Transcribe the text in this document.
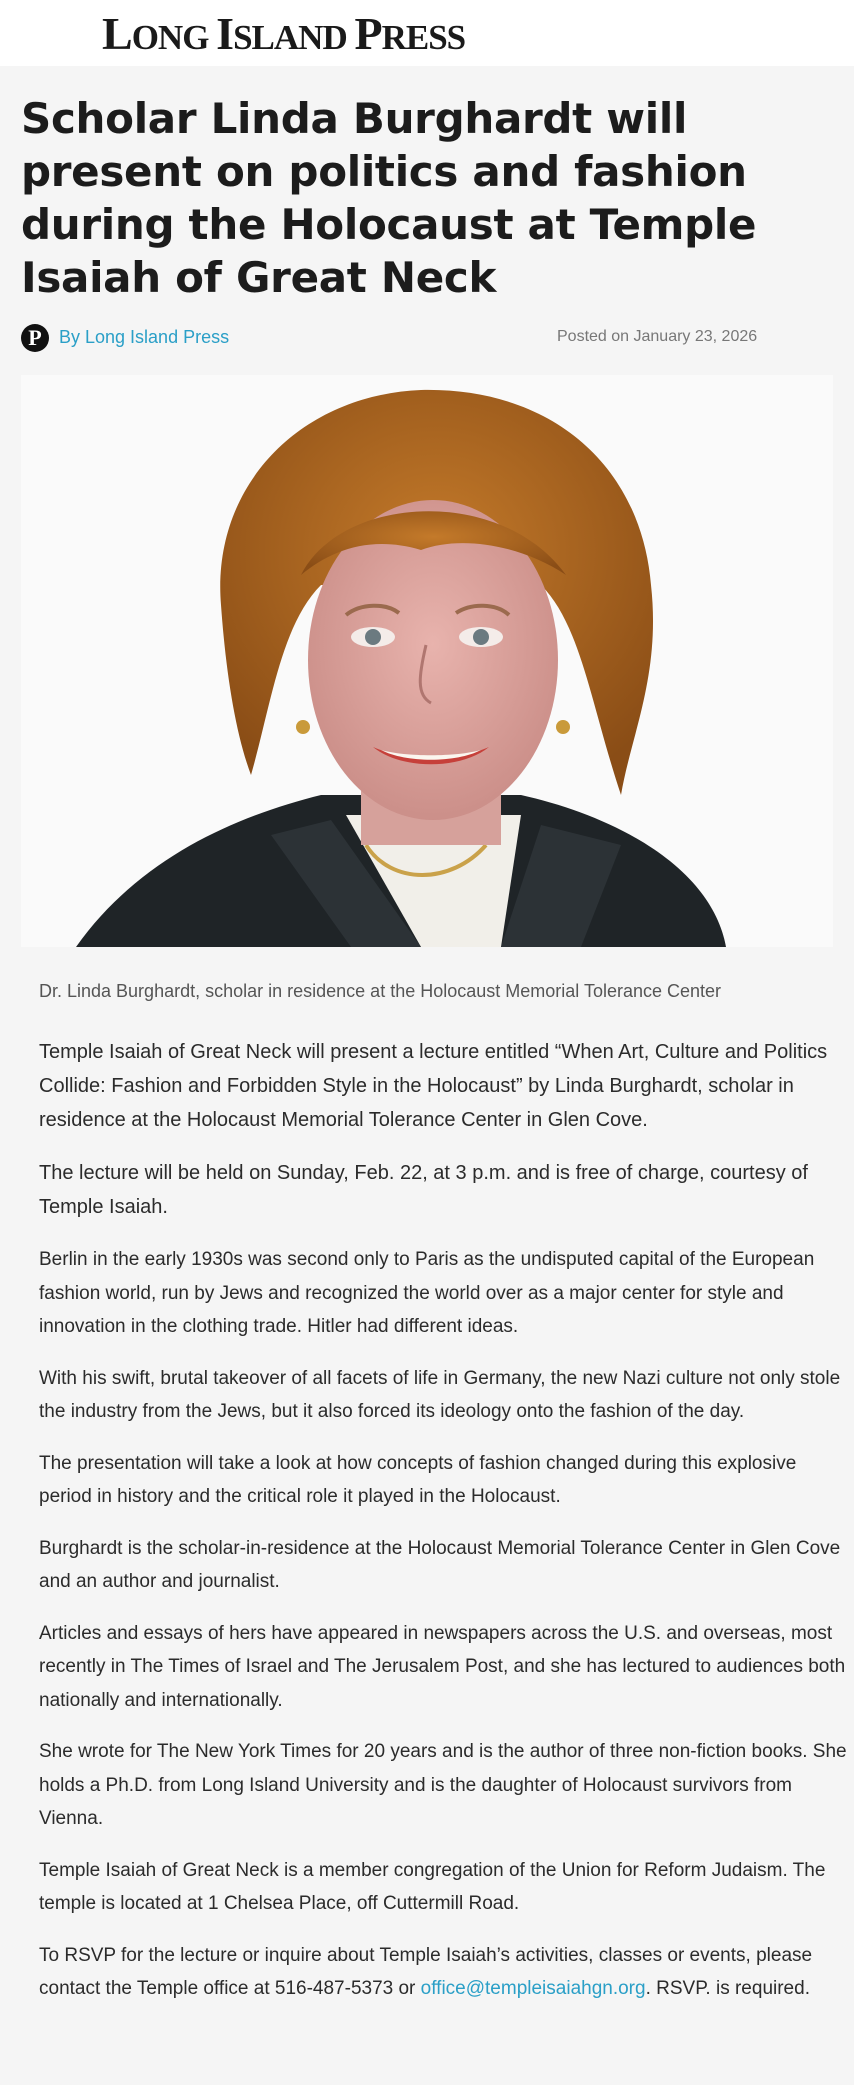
LONG ISLAND PRESS
Scholar Linda Burghardt will present on politics and fashion during the Holocaust at Temple Isaiah of Great Neck
P By Long Island Press	Posted on January 23, 2026
Dr. Linda Burghardt, scholar in residence at the Holocaust Memorial Tolerance Center

Temple Isaiah of Great Neck will present a lecture entitled “When Art, Culture and Politics Collide: Fashion and Forbidden Style in the Holocaust” by Linda Burghardt, scholar in residence at the Holocaust Memorial Tolerance Center in Glen Cove.

The lecture will be held on Sunday, Feb. 22, at 3 p.m. and is free of charge, courtesy of Temple Isaiah.

Berlin in the early 1930s was second only to Paris as the undisputed capital of the European fashion world, run by Jews and recognized the world over as a major center for style and innovation in the clothing trade. Hitler had different ideas.

With his swift, brutal takeover of all facets of life in Germany, the new Nazi culture not only stole the industry from the Jews, but it also forced its ideology onto the fashion of the day.

The presentation will take a look at how concepts of fashion changed during this explosive period in history and the critical role it played in the Holocaust.

Burghardt is the scholar-in-residence at the Holocaust Memorial Tolerance Center in Glen Cove and an author and journalist.

Articles and essays of hers have appeared in newspapers across the U.S. and overseas, most recently in The Times of Israel and The Jerusalem Post, and she has lectured to audiences both nationally and internationally.

She wrote for The New York Times for 20 years and is the author of three non-fiction books. She holds a Ph.D. from Long Island University and is the daughter of Holocaust survivors from Vienna.

Temple Isaiah of Great Neck is a member congregation of the Union for Reform Judaism. The temple is located at 1 Chelsea Place, off Cuttermill Road.

To RSVP for the lecture or inquire about Temple Isaiah’s activities, classes or events, please contact the Temple office at 516-487-5373 or office@templeisaiahgn.org. RSVP. is required.
